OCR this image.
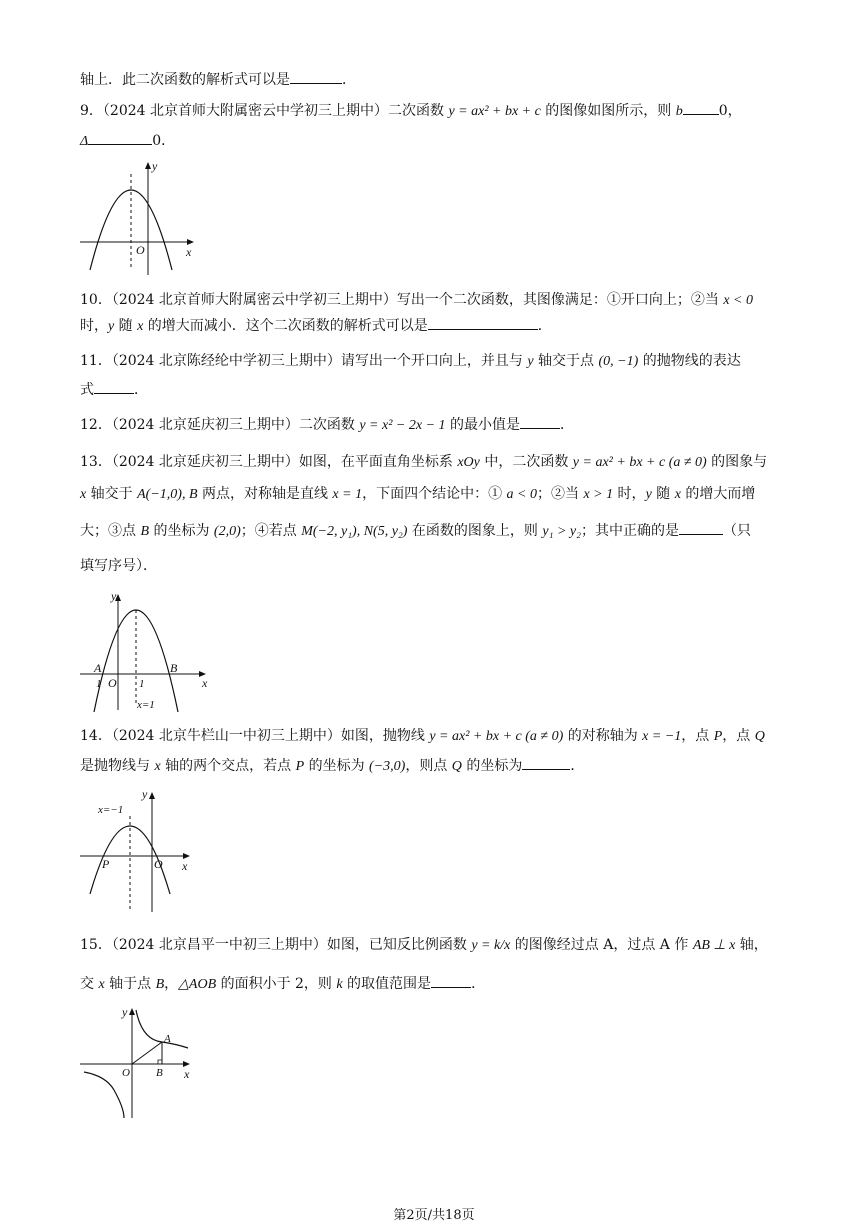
轴上．此二次函数的解析式可以是	．
9．（2024 北京首师大附属密云中学初三上期中）二次函数 y = ax² + bx + c 的图像如图所示，则 b	0，
Δ	0．
10．（2024 北京首师大附属密云中学初三上期中）写出一个二次函数，其图像满足：①开口向上；②当 x < 0
时，y 随 x 的增大而减小．这个二次函数的解析式可以是	．
11．（2024 北京陈经纶中学初三上期中）请写出一个开口向上，并且与 y 轴交于点 (0, −1) 的抛物线的表达
式	．
12．（2024 北京延庆初三上期中）二次函数 y = x² − 2x − 1 的最小值是	．
13．（2024 北京延庆初三上期中）如图，在平面直角坐标系 xOy 中，二次函数 y = ax² + bx + c (a ≠ 0) 的图象与
x 轴交于 A(−1,0), B 两点，对称轴是直线 x = 1，下面四个结论中：① a < 0；②当 x > 1 时，y 随 x 的增大而增
大；③点 B 的坐标为 (2,0)；④若点 M(−2, y₁), N(5, y₂) 在函数的图象上，则 y₁ > y₂；其中正确的是	（只
填写序号）．
14．（2024 北京牛栏山一中初三上期中）如图，抛物线 y = ax² + bx + c (a ≠ 0) 的对称轴为 x = −1，点 P，点 Q
是抛物线与 x 轴的两个交点，若点 P 的坐标为 (−3,0)，则点 Q 的坐标为	．
15．（2024 北京昌平一中初三上期中）如图，已知反比例函数 y = k/x 的图像经过点 A，过点 A 作 AB ⊥ x 轴，
交 x 轴于点 B，△AOB 的面积小于 2，则 k 的取值范围是	．
x
y
O
A	B
O
1	1	x
y
x=1
x=−1
P	O x
y
A
B
O	x
y
第2页/共18页
